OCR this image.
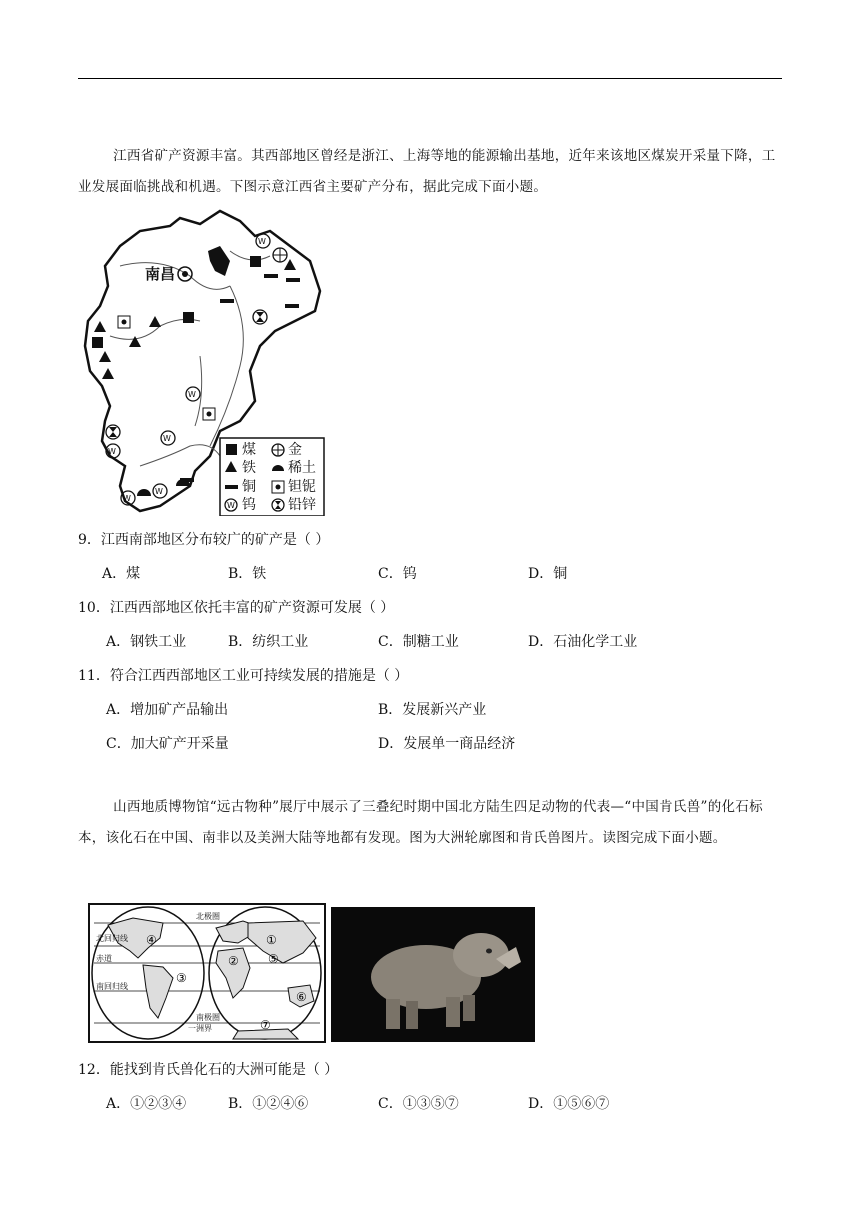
江西省矿产资源丰富。其西部地区曾经是浙江、上海等地的能源输出基地，近年来该地区煤炭开采量下降，工业发展面临挑战和机遇。下图示意江西省主要矿产分布，据此完成下面小题。

南昌
W
W
W
W
W
W
煤 金
铁 稀土
铜 钽铌
W 钨 铅锌
9．江西南部地区分布较广的矿产是（ ）
A．煤	B．铁	C．钨	D．铜
10．江西西部地区依托丰富的矿产资源可发展（ ）
A．钢铁工业	B．纺织工业	C．制糖工业	D．石油化学工业
11．符合江西西部地区工业可持续发展的措施是（ ）
A．增加矿产品输出	B．发展新兴产业
C．加大矿产开采量	D．发展单一商品经济

山西地质博物馆“远古物种”展厅中展示了三叠纪时期中国北方陆生四足动物的代表—“中国肯氏兽”的化石标本，该化石在中国、南非以及美洲大陆等地都有发现。图为大洲轮廓图和肯氏兽图片。读图完成下面小题。

北极圈
北回归线
赤道
南回归线
南极圈
一洲界
④
③
①
② ⑤
⑥
⑦
12．能找到肯氏兽化石的大洲可能是（ ）
A．①②③④	B．①②④⑥	C．①③⑤⑦	D．①⑤⑥⑦
